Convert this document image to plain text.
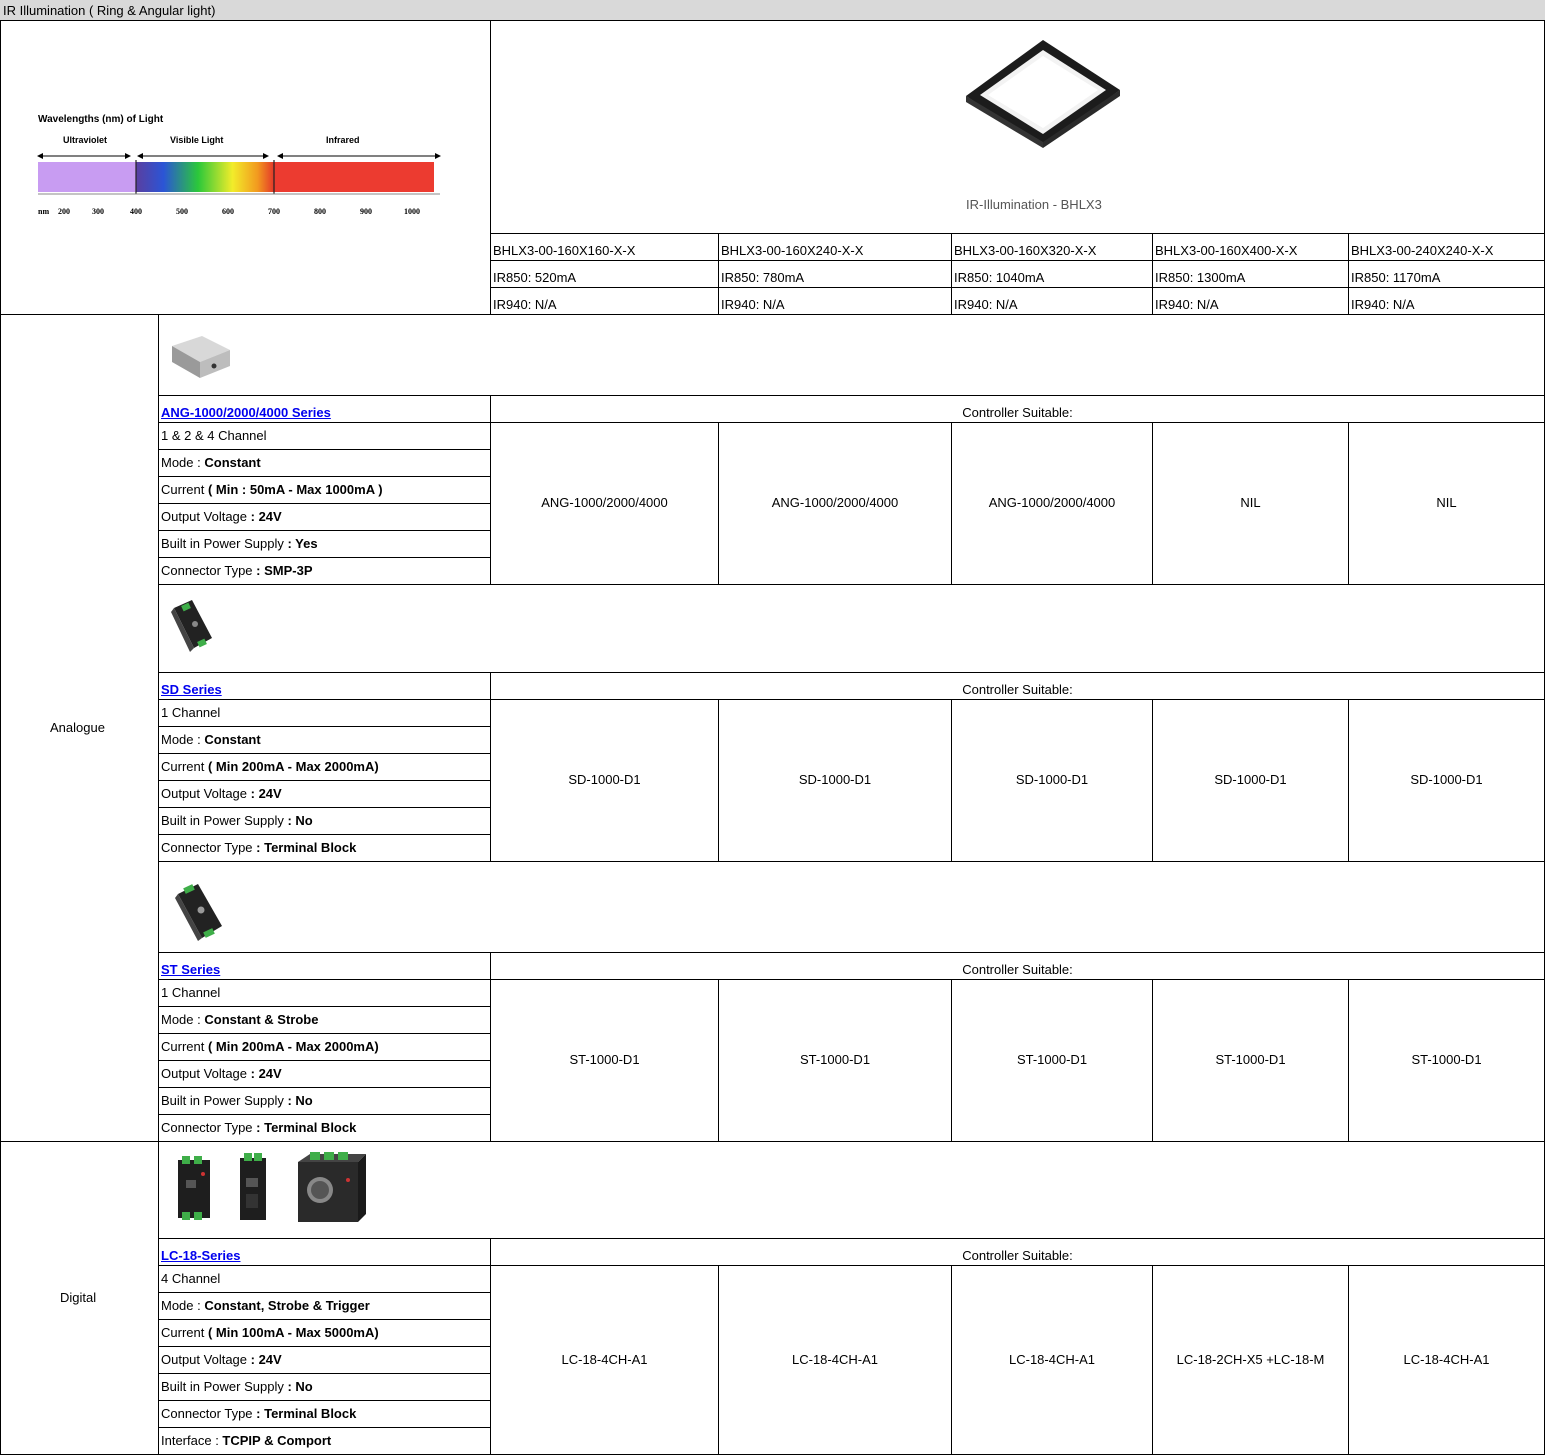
IR Illumination ( Ring & Angular light)
Wavelengths (nm) of Light
Ultraviolet	Visible Light	Infrared
nm 200	300	400	500	600	700	800	900	1000	IR-Illumination - BHLX3
BHLX3-00-160X160-X-X	BHLX3-00-160X240-X-X	BHLX3-00-160X320-X-X	BHLX3-00-160X400-X-X	BHLX3-00-240X240-X-X
IR850: 520mA	IR850: 780mA	IR850: 1040mA	IR850: 1300mA	IR850: 1170mA
IR940: N/A	IR940: N/A	IR940: N/A	IR940: N/A	IR940: N/A
Analogue
Digital
ANG-1000/2000/4000 Series	Controller Suitable:
1 & 2 & 4 Channel
Mode : Constant
Current ( Min : 50mA - Max 1000mA )
Output Voltage : 24V
Built in Power Supply : Yes
Connector Type : SMP-3P
ANG-1000/2000/4000	ANG-1000/2000/4000	ANG-1000/2000/4000	NIL	NIL
SD Series	Controller Suitable:
1 Channel
Mode : Constant
Current ( Min 200mA - Max 2000mA)
Output Voltage : 24V
Built in Power Supply : No
Connector Type : Terminal Block
SD-1000-D1	SD-1000-D1	SD-1000-D1	SD-1000-D1	SD-1000-D1
ST Series	Controller Suitable:
1 Channel
Mode : Constant & Strobe
Current ( Min 200mA - Max 2000mA)
Output Voltage : 24V
Built in Power Supply : No
Connector Type : Terminal Block
ST-1000-D1	ST-1000-D1	ST-1000-D1	ST-1000-D1	ST-1000-D1
LC-18-Series	Controller Suitable:
4 Channel
Mode : Constant, Strobe & Trigger
Current ( Min 100mA - Max 5000mA)
Output Voltage : 24V
Built in Power Supply : No
Connector Type : Terminal Block
Interface : TCPIP & Comport
LC-18-4CH-A1	LC-18-4CH-A1	LC-18-4CH-A1	LC-18-2CH-X5 +LC-18-M	LC-18-4CH-A1
